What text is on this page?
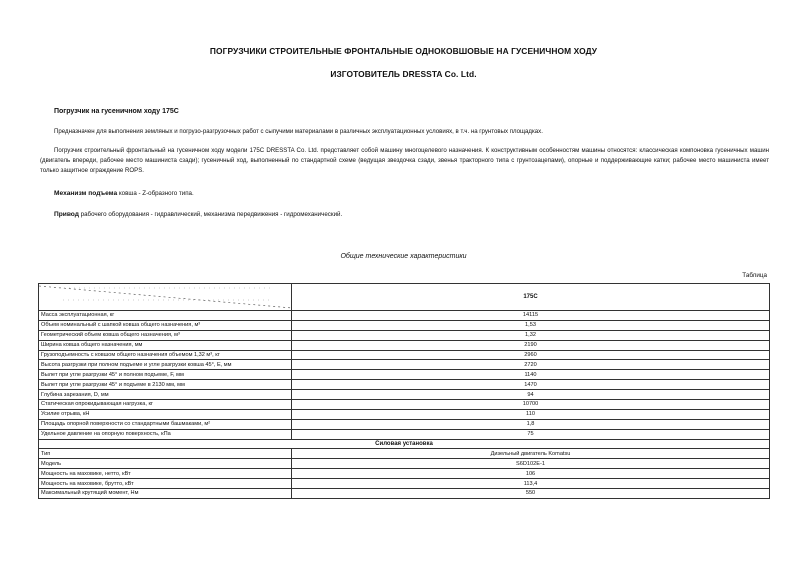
ПОГРУЗЧИКИ СТРОИТЕЛЬНЫЕ ФРОНТАЛЬНЫЕ ОДНОКОВШОВЫЕ НА ГУСЕНИЧНОМ ХОДУ
ИЗГОТОВИТЕЛЬ DRESSTA Co. Ltd.
Погрузчик на гусеничном ходу 175С
Предназначен для выполнения земляных и погрузо-разгрузочных работ с сыпучими материалами в различных эксплуатационных условиях, в т.ч. на грунтовых площадках.
Погрузчик строительный фронтальный на гусеничном ходу модели 175С DRESSTA Co. Ltd. представляет собой машину многоцелевого назначения. К конструктивным особенностям машины относятся: классическая компоновка гусеничных машин (двигатель впереди, рабочее место машиниста сзади); гусеничный ход, выполненный по стандартной схеме (ведущая звездочка сзади, звенья тракторного типа с грунтозацепами), опорные и поддерживающие катки; рабочее место машиниста имеет только защитное ограждение ROPS.
Механизм подъема ковша - Z-образного типа.
Привод рабочего оборудования - гидравлический, механизма передвижения - гидромеханический.
Общие технические характеристики
Таблица
	175С
Масса эксплуатационная, кг	14115
Объем номинальный с шапкой ковша общего назначения, м³	1,53
Геометрический объем ковша общего назначения, м³	1,32
Ширина ковша общего назначения, мм	2190
Грузоподъемность с ковшом общего назначения объемом 1,32 м³, кг	2960
Высота разгрузки при полном подъеме и угле разгрузки ковша 45°, Е, мм	2720
Вылет при угле разгрузки 45° и полном подъеме, F, мм	1140
Вылет при угле разгрузки 45° и подъеме в 2130 мм, мм	1470
Глубина зарезания, D, мм	94
Статическая опрокидывающая нагрузка, кг	10700
Усилие отрыва, кН	110
Площадь опорной поверхности со стандартными башмаками, м²	1,8
Удельное давление на опорную поверхность, кПа	75
Силовая установка	
Тип	Дизельный двигатель Komatsu
Модель	S6D102E-1
Мощность на маховике, нетто, кВт	106
Мощность на маховике, брутто, кВт	113,4
Максимальный крутящий момент, Нм	550
